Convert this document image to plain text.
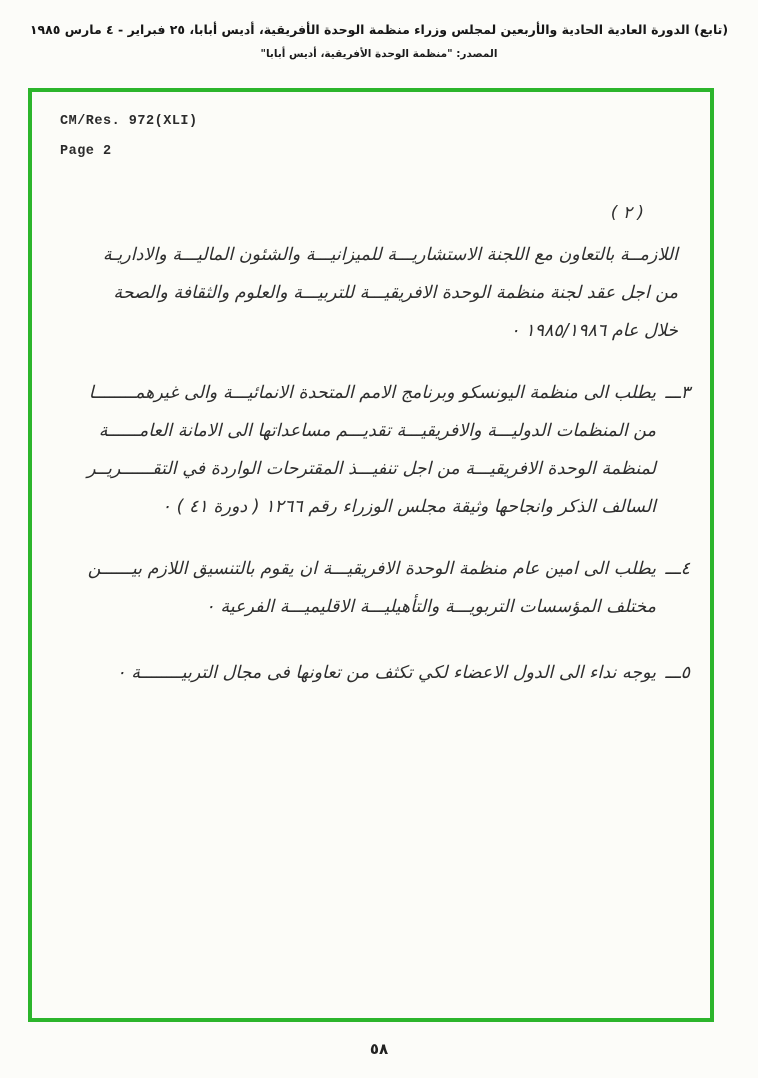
(تابع) الدورة العادية الحادية والأربعين لمجلس وزراء منظمة الوحدة الأفريقية، أديس أبابا، ٢٥ فبراير - ٤ مارس ١٩٨٥
المصدر: "منظمة الوحدة الأفريقية، أديس أبابا"
CM/Res. 972(XLI)
Page 2
( ٢ )
اللازمــة بالتعاون مع اللجنة الاستشاريـــة للميزانيـــة والشئون الماليـــة والاداريـة
من اجل عقد لجنة منظمة الوحدة الافريقيـــة للتربيـــة والعلوم والثقافة والصحة
خلال عام ١٩٨٥/١٩٨٦ ٠
٣ـــ
يطلب الى منظمة اليونسكو وبرنامج الامم المتحدة الانمائيـــة والى غيرهمــــــــا
من المنظمات الدوليـــة والافريقيـــة تقديـــم مساعداتها الى الامانة العامــــــة
لمنظمة الوحدة الافريقيـــة من اجل تنفيـــذ المقترحات الواردة في التقــــــريــر
السالف الذكر وانجاحها وثيقة مجلس الوزراء رقم ١٢٦٦ ( دورة ٤١ ) ٠
٤ـــ
يطلب الى امين عام منظمة الوحدة الافريقيـــة ان يقوم بالتنسيق اللازم بيــــــن
مختلف المؤسسات التربويـــة والتأهيليـــة الاقليميـــة الفرعية ٠
٥ـــ
يوجه نداء الى الدول الاعضاء لكي تكثف من تعاونها فى مجال التربيــــــــة ٠
٥٨
